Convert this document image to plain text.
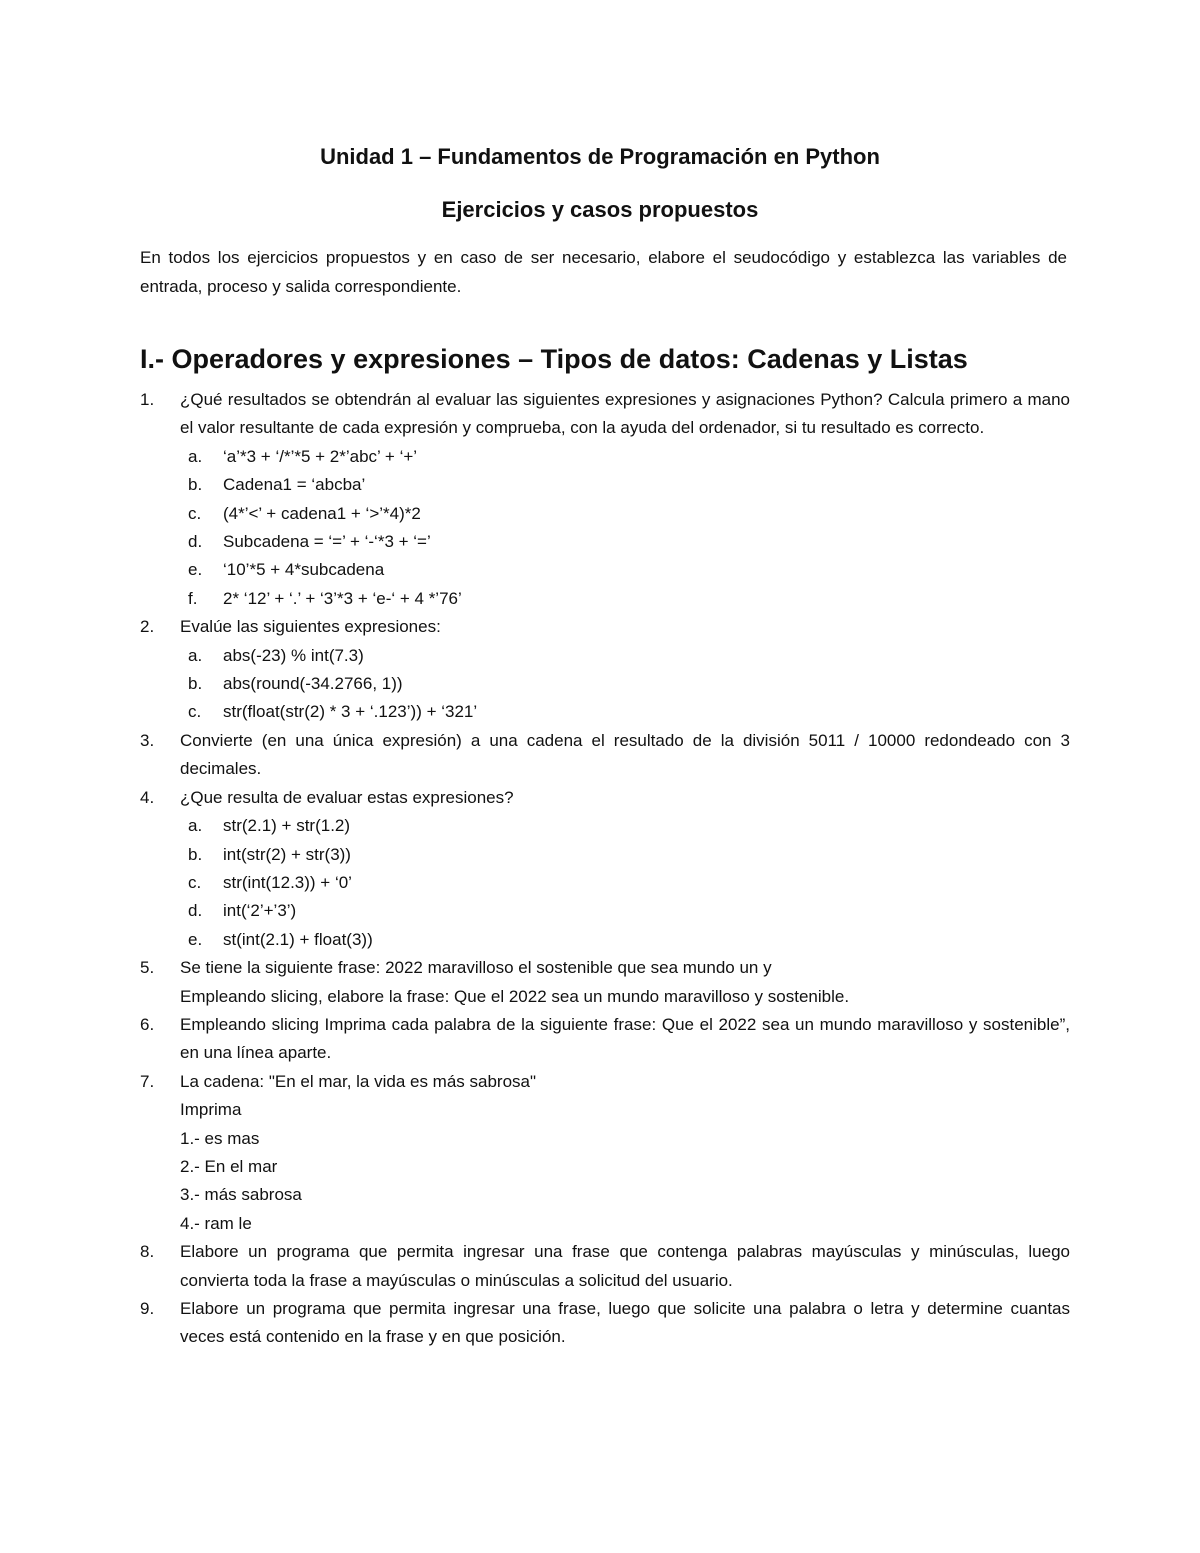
Unidad 1 – Fundamentos de Programación en Python
Ejercicios y casos propuestos
En todos los ejercicios propuestos y en caso de ser necesario, elabore el seudocódigo y establezca las variables de entrada, proceso y salida correspondiente.
I.- Operadores y expresiones – Tipos de datos: Cadenas y Listas
1.	¿Qué resultados se obtendrán al evaluar las siguientes expresiones y asignaciones Python? Calcula primero a mano el valor resultante de cada expresión y comprueba, con la ayuda del ordenador, si tu resultado es correcto.
a. ‘a’*3 + ‘/*’*5 + 2*’abc’ + ‘+’
b. Cadena1 = ‘abcba’
c. (4*’<’ + cadena1 + ‘>’*4)*2
d. Subcadena = ‘=’ + ‘-‘*3 + ‘=’
e. ‘10’*5 + 4*subcadena
f. 2* ‘12’ + ‘.’ + ‘3’*3 + ‘e-‘ + 4 *’76’
2.	Evalúe las siguientes expresiones:
a. abs(-23) % int(7.3)
b. abs(round(-34.2766, 1))
c. str(float(str(2) * 3 + ‘.123’)) + ‘321’
3.	Convierte (en una única expresión) a una cadena el resultado de la división 5011 / 10000 redondeado con 3 decimales.
4.	¿Que resulta de evaluar estas expresiones?
a. str(2.1) + str(1.2)
b. int(str(2) + str(3))
c. str(int(12.3)) + ‘0’
d. int(‘2’+’3’)
e. st(int(2.1) + float(3))
5.	Se tiene la siguiente frase: 2022 maravilloso el sostenible que sea mundo un y
Empleando slicing, elabore la frase: Que el 2022 sea un mundo maravilloso y sostenible.
6.	Empleando slicing Imprima cada palabra de la siguiente frase: Que el 2022 sea un mundo maravilloso y sostenible”, en una línea aparte.
7.	La cadena: "En el mar, la vida es más sabrosa"
Imprima
1.- es mas
2.- En el mar
3.- más sabrosa
4.- ram le
8.	Elabore un programa que permita ingresar una frase que contenga palabras mayúsculas y minúsculas, luego convierta toda la frase a mayúsculas o minúsculas a solicitud del usuario.
9.	Elabore un programa que permita ingresar una frase, luego que solicite una palabra o letra y determine cuantas veces está contenido en la frase y en que posición.
